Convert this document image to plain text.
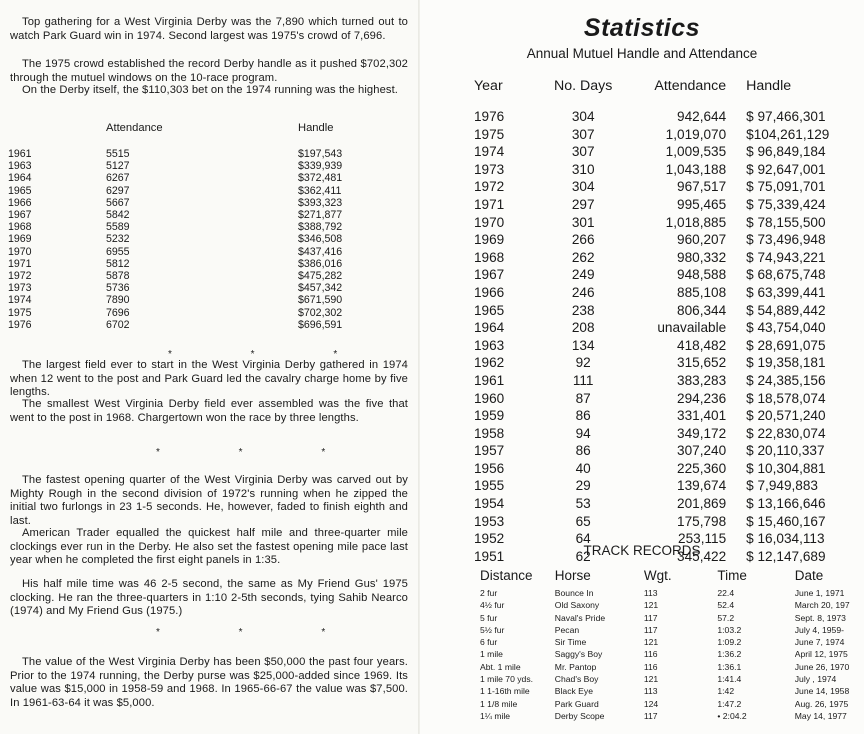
Top gathering for a West Virginia Derby was the 7,890 which turned out to watch Park Guard win in 1974. Second largest was 1975's crowd of 7,696.

The 1975 crowd established the record Derby handle as it pushed $702,302 through the mutuel windows on the 10-race program.

On the Derby itself, the $110,303 bet on the 1974 running was the highest.

	Attendance	Handle
1961	5515	$197,543
1963	5127	$339,939
1964	6267	$372,481
1965	6297	$362,411
1966	5667	$393,323
1967	5842	$271,877
1968	5589	$388,792
1969	5232	$346,508
1970	6955	$437,416
1971	5812	$386,016
1972	5878	$475,282
1973	5736	$457,342
1974	7890	$671,590
1975	7696	$702,302
1976	6702	$696,591
* * *

The largest field ever to start in the West Virginia Derby gathered in 1974 when 12 went to the post and Park Guard led the cavalry charge home by five lengths.

The smallest West Virginia Derby field ever assembled was the five that went to the post in 1968. Chargertown won the race by three lengths.

* * *

The fastest opening quarter of the West Virginia Derby was carved out by Mighty Rough in the second division of 1972's running when he zipped the initial two furlongs in 23 1-5 seconds. He, however, faded to finish eighth and last.

American Trader equalled the quickest half mile and three-quarter mile clockings ever run in the Derby. He also set the fastest opening mile pace last year when he completed the first eight panels in 1:35.

His half mile time was 46 2-5 second, the same as My Friend Gus' 1975 clocking. He ran the three-quarters in 1:10 2-5th seconds, tying Sahib Nearco (1974) and My Friend Gus (1975.)

* * *

The value of the West Virginia Derby has been $50,000 the past four years. Prior to the 1974 running, the Derby purse was $25,000-added since 1969. Its value was $15,000 in 1958-59 and 1968. In 1965-66-67 the value was $7,500. In 1961-63-64 it was $5,000.

Statistics
Annual Mutuel Handle and Attendance
Year	No. Days	Attendance	Handle
1976	304	942,644	$ 97,466,301
1975	307	1,019,070	$104,261,129
1974	307	1,009,535	$ 96,849,184
1973	310	1,043,188	$ 92,647,001
1972	304	967,517	$ 75,091,701
1971	297	995,465	$ 75,339,424
1970	301	1,018,885	$ 78,155,500
1969	266	960,207	$ 73,496,948
1968	262	980,332	$ 74,943,221
1967	249	948,588	$ 68,675,748
1966	246	885,108	$ 63,399,441
1965	238	806,344	$ 54,889,442
1964	208	unavailable	$ 43,754,040
1963	134	418,482	$ 28,691,075
1962	92	315,652	$ 19,358,181
1961	111	383,283	$ 24,385,156
1960	87	294,236	$ 18,578,074
1959	86	331,401	$ 20,571,240
1958	94	349,172	$ 22,830,074
1957	86	307,240	$ 20,110,337
1956	40	225,360	$ 10,304,881
1955	29	139,674	$ 7,949,883
1954	53	201,869	$ 13,166,646
1953	65	175,798	$ 15,460,167
1952	64	253,115	$ 16,034,113
1951	62	345,422	$ 12,147,689
TRACK RECORDS
Distance	Horse	Wgt.	Time	Date
2 fur	Bounce In	113	22.4	June 1, 1971
4½ fur	Old Saxony	121	52.4	March 20, 197
5 fur	Naval's Pride	117	57.2	Sept. 8, 1973
5½ fur	Pecan	117	1:03.2	July 4, 1959-
6 fur	Sir Time	121	1:09.2	June 7, 1974
1 mile	Saggy's Boy	116	1:36.2	April 12, 1975
Abt. 1 mile	Mr. Pantop	116	1:36.1	June 26, 1970
1 mile 70 yds.	Chad's Boy	121	1:41.4	July , 1974
1 1-16th mile	Black Eye	113	1:42	June 14, 1958
1 1/8 mile	Park Guard	124	1:47.2	Aug. 26, 1975
1¼ mile	Derby Scope	117	• 2:04.2	May 14, 1977
